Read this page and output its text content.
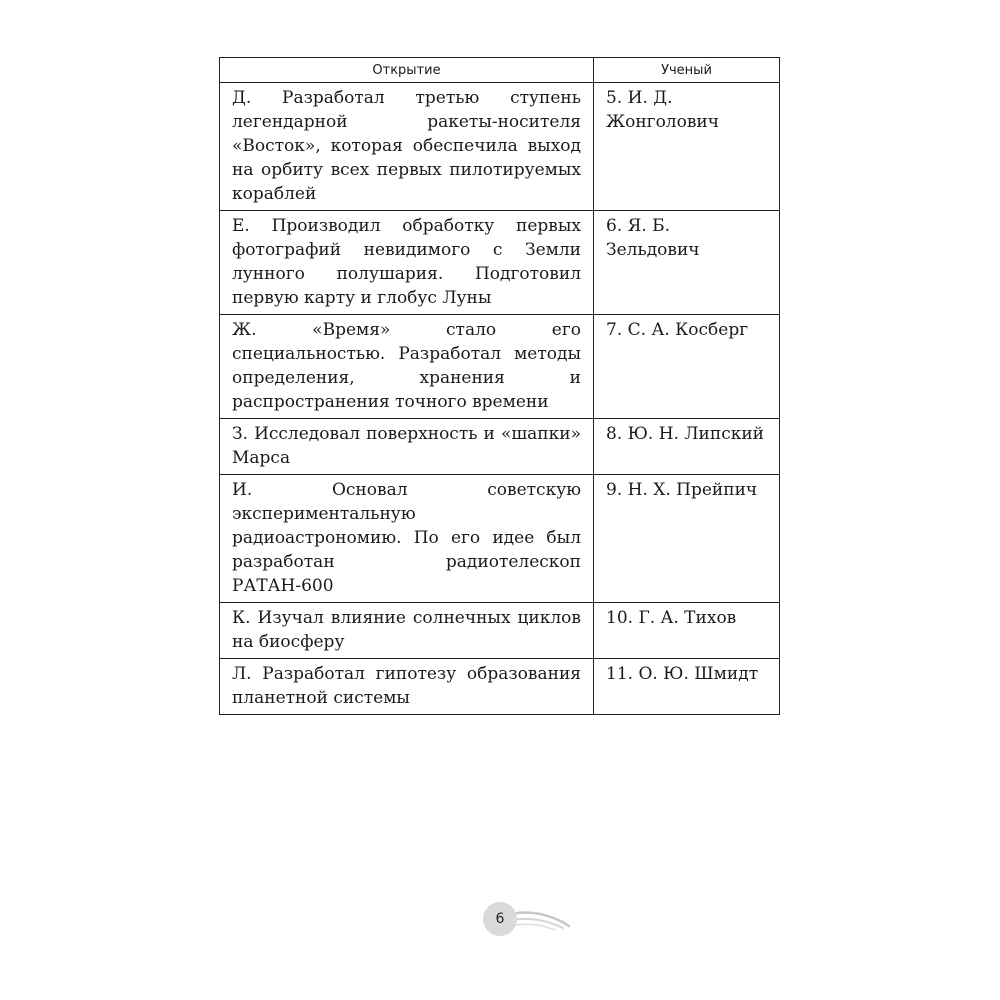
Открытие	Ученый
Д. Разработал третью ступень легендарной ракеты-носителя «Восток», которая обеспечила выход на орбиту всех первых пилотируемых кораблей	5. И. Д. Жонголович
Е. Производил обработку первых фотографий невидимого с Земли лунного полушария. Подготовил первую карту и глобус Луны	6. Я. Б. Зельдович
Ж. «Время» стало его специальностью. Разработал методы определения, хранения и распространения точного времени	7. С. А. Косберг
З. Исследовал поверхность и «шапки» Марса	8. Ю. Н. Липский
И. Основал советскую экспериментальную радиоастрономию. По его идее был разработан радиотелескоп РАТАН-600	9. Н. Х. Прейпич
К. Изучал влияние солнечных циклов на биосферу	10. Г. А. Тихов
Л. Разработал гипотезу образования планетной системы	11. О. Ю. Шмидт
6
